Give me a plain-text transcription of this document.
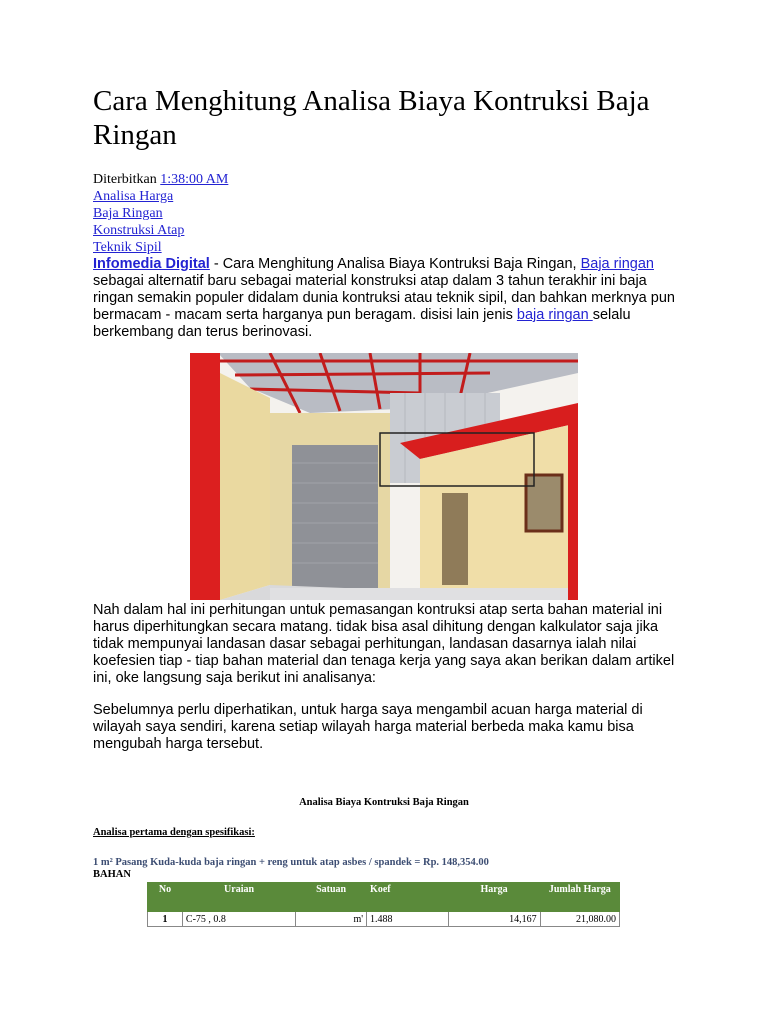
Cara Menghitung Analisa Biaya Kontruksi Baja Ringan
Diterbitkan 1:38:00 AM
Analisa Harga
Baja Ringan
Konstruksi Atap
Teknik Sipil

Infomedia Digital - Cara Menghitung Analisa Biaya Kontruksi Baja Ringan, Baja ringan sebagai alternatif baru sebagai material konstruksi atap dalam 3 tahun terakhir ini baja ringan semakin populer didalam dunia kontruksi atau teknik sipil, dan bahkan merknya pun bermacam - macam serta harganya pun beragam. disisi lain jenis baja ringan selalu berkembang dan terus berinovasi.

Nah dalam hal ini perhitungan untuk pemasangan kontruksi atap serta bahan material ini harus diperhitungkan secara matang. tidak bisa asal dihitung dengan kalkulator saja jika tidak mempunyai landasan dasar sebagai perhitungan, landasan dasarnya ialah nilai koefesien tiap - tiap bahan material dan tenaga kerja yang saya akan berikan dalam artikel ini, oke langsung saja berikut ini analisanya:

Sebelumnya perlu diperhatikan, untuk harga saya mengambil acuan harga material di wilayah saya sendiri, karena setiap wilayah harga material berbeda maka kamu bisa mengubah harga tersebut.

Analisa Biaya Kontruksi Baja Ringan
Analisa pertama dengan spesifikasi:
1 m² Pasang Kuda-kuda baja ringan + reng untuk atap asbes / spandek = Rp. 148,354.00
BAHAN
No	Uraian	Satuan	Koef	Harga	Jumlah Harga
1	C-75 , 0.8	m'	1.488	14,167	21,080.00
